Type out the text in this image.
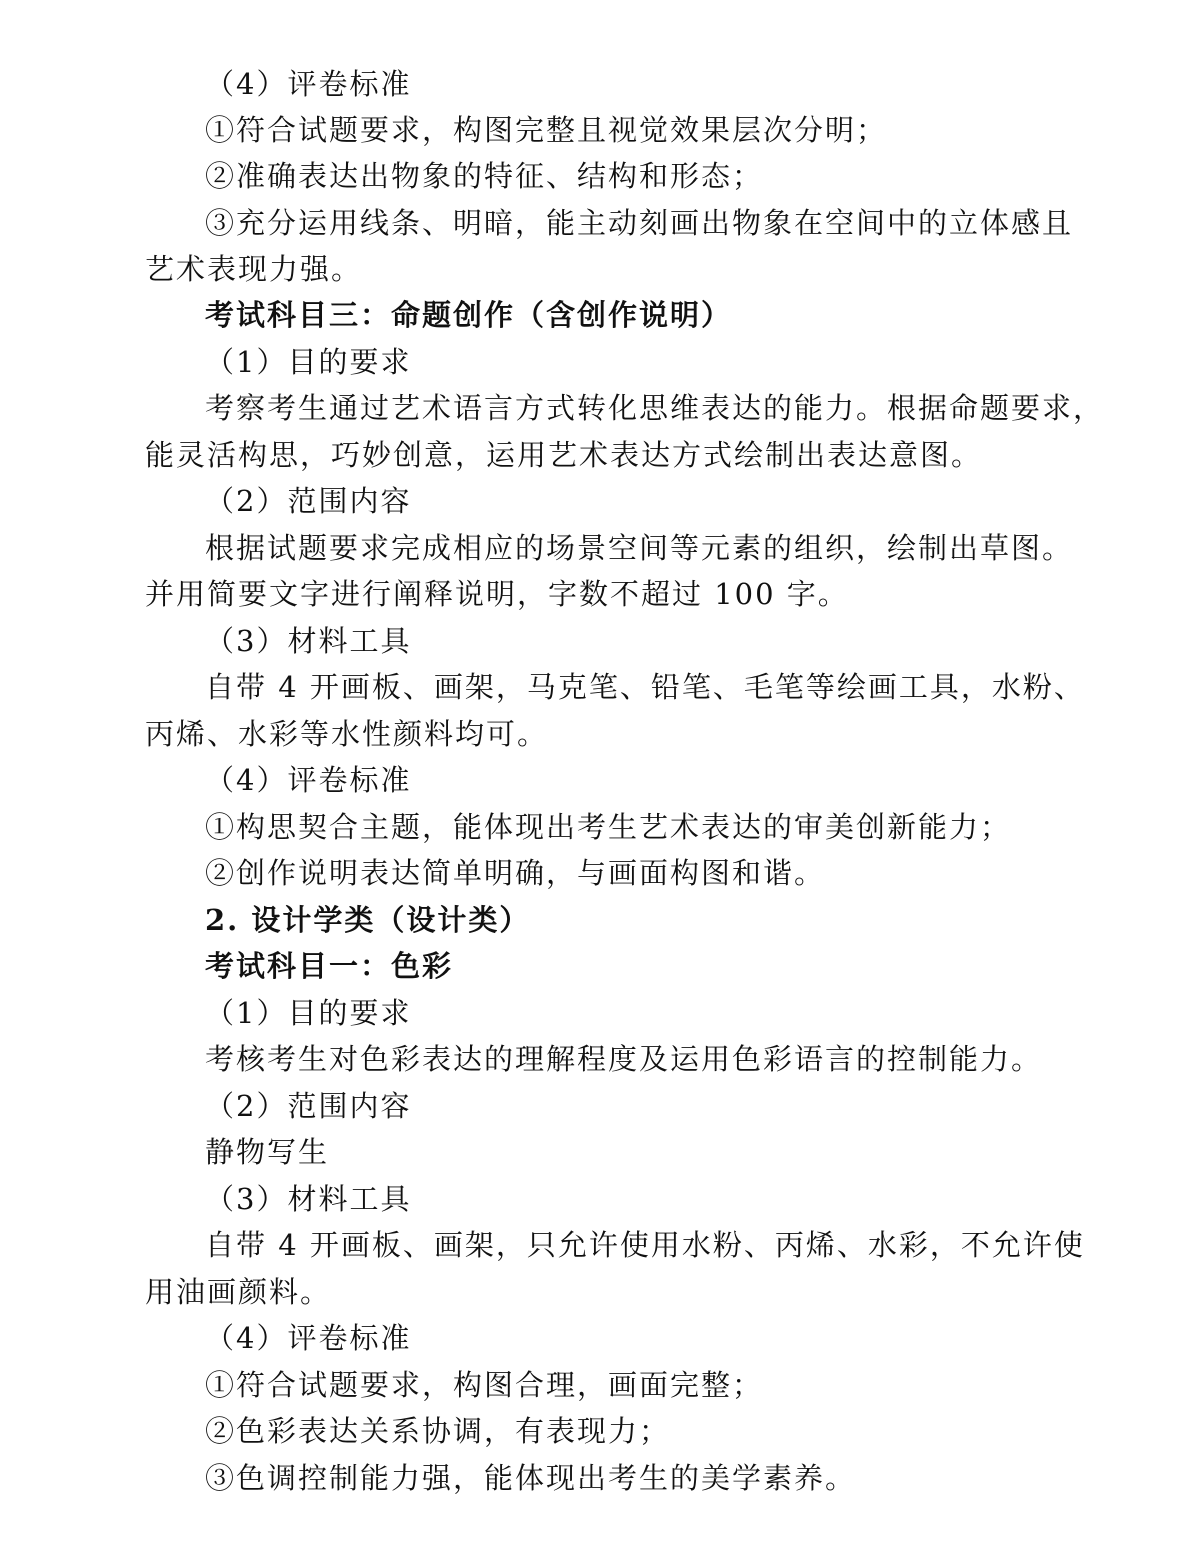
（4）评卷标准
①符合试题要求，构图完整且视觉效果层次分明；
②准确表达出物象的特征、结构和形态；
③充分运用线条、明暗，能主动刻画出物象在空间中的立体感且
艺术表现力强。
考试科目三：命题创作（含创作说明）
（1）目的要求
考察考生通过艺术语言方式转化思维表达的能力。根据命题要求，
能灵活构思，巧妙创意，运用艺术表达方式绘制出表达意图。
（2）范围内容
根据试题要求完成相应的场景空间等元素的组织，绘制出草图。
并用简要文字进行阐释说明，字数不超过 100 字。
（3）材料工具
自带 4 开画板、画架，马克笔、铅笔、毛笔等绘画工具，水粉、
丙烯、水彩等水性颜料均可。
（4）评卷标准
①构思契合主题，能体现出考生艺术表达的审美创新能力；
②创作说明表达简单明确，与画面构图和谐。
2. 设计学类（设计类）
考试科目一：色彩
（1）目的要求
考核考生对色彩表达的理解程度及运用色彩语言的控制能力。
（2）范围内容
静物写生
（3）材料工具
自带 4 开画板、画架，只允许使用水粉、丙烯、水彩，不允许使
用油画颜料。
（4）评卷标准
①符合试题要求，构图合理，画面完整；
②色彩表达关系协调，有表现力；
③色调控制能力强，能体现出考生的美学素养。
